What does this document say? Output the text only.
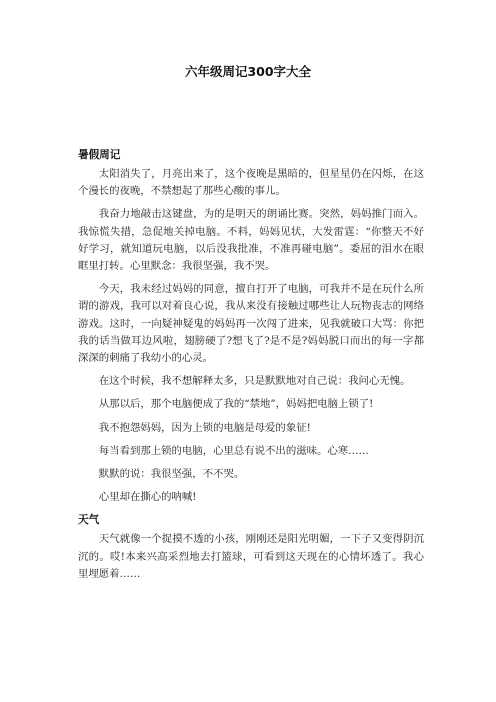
六年级周记300字大全
暑假周记

太阳消失了，月亮出来了，这个夜晚是黑暗的，但星星仍在闪烁，在这个漫长的夜晚，不禁想起了那些心酸的事儿。

我奋力地敲击这键盘，为的是明天的朗诵比赛。突然，妈妈推门而入。我惊慌失措，急促地关掉电脑。不料，妈妈见状，大发雷霆：“你整天不好好学习，就知道玩电脑，以后没我批准，不准再碰电脑”。委屈的泪水在眼眶里打转。心里默念：我很坚强，我不哭。

今天，我未经过妈妈的同意，擅自打开了电脑，可我并不是在玩什么所谓的游戏，我可以对着良心说，我从来没有接触过哪些让人玩物丧志的网络游戏。这时，一向疑神疑鬼的妈妈再一次闯了进来，见我就破口大骂：你把我的话当做耳边风啦，翅膀硬了?想飞了?是不是?妈妈脱口而出的每一字都深深的刺痛了我幼小的心灵。

在这个时候，我不想解释太多，只是默默地对自己说：我问心无愧。

从那以后，那个电脑便成了我的“禁地”，妈妈把电脑上锁了!

我不抱怨妈妈，因为上锁的电脑是母爱的象征!

每当看到那上锁的电脑，心里总有说不出的滋味。心寒……

默默的说：我很坚强，不不哭。

心里却在撕心的呐喊!

天气

天气就像一个捉摸不透的小孩，刚刚还是阳光明媚，一下子又变得阴沉沉的。哎!本来兴高采烈地去打篮球，可看到这天现在的心情坏透了。我心里埋愿着……
